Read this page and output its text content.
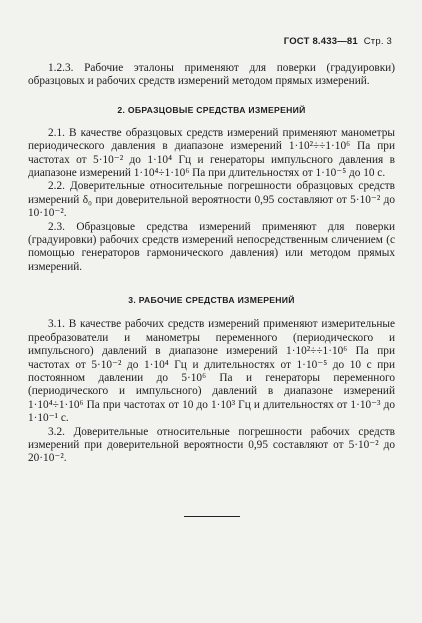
ГОСТ 8.433—81 Стр. 3

1.2.3. Рабочие эталоны применяют для поверки (градуировки) образцовых и рабочих средств измерений методом прямых измерений.

2. ОБРАЗЦОВЫЕ СРЕДСТВА ИЗМЕРЕНИЙ

2.1. В качестве образцовых средств измерений применяют манометры периодического давления в диапазоне измерений 1·10²÷÷1·10⁶ Па при частотах от 5·10⁻² до 1·10⁴ Гц и генераторы импульсного давления в диапазоне измерений 1·10⁴÷1·10⁶ Па при длительностях от 1·10⁻⁵ до 10 с.

2.2. Доверительные относительные погрешности образцовых средств измерений δ₀ при доверительной вероятности 0,95 составляют от 5·10⁻² до 10·10⁻².

2.3. Образцовые средства измерений применяют для поверки (градуировки) рабочих средств измерений непосредственным сличением (с помощью генераторов гармонического давления) или методом прямых измерений.

3. РАБОЧИЕ СРЕДСТВА ИЗМЕРЕНИЙ

3.1. В качестве рабочих средств измерений применяют измерительные преобразователи и манометры переменного (периодического и импульсного) давлений в диапазоне измерений 1·10²÷÷1·10⁶ Па при частотах от 5·10⁻² до 1·10⁴ Гц и длительностях от 1·10⁻⁵ до 10 с при постоянном давлении до 5·10⁶ Па и генераторы переменного (периодического и импульсного) давлений в диапазоне измерений 1·10⁴÷1·10⁶ Па при частотах от 10 до 1·10³ Гц и длительностях от 1·10⁻³ до 1·10⁻¹ с.

3.2. Доверительные относительные погрешности рабочих средств измерений при доверительной вероятности 0,95 составляют от 5·10⁻² до 20·10⁻².
